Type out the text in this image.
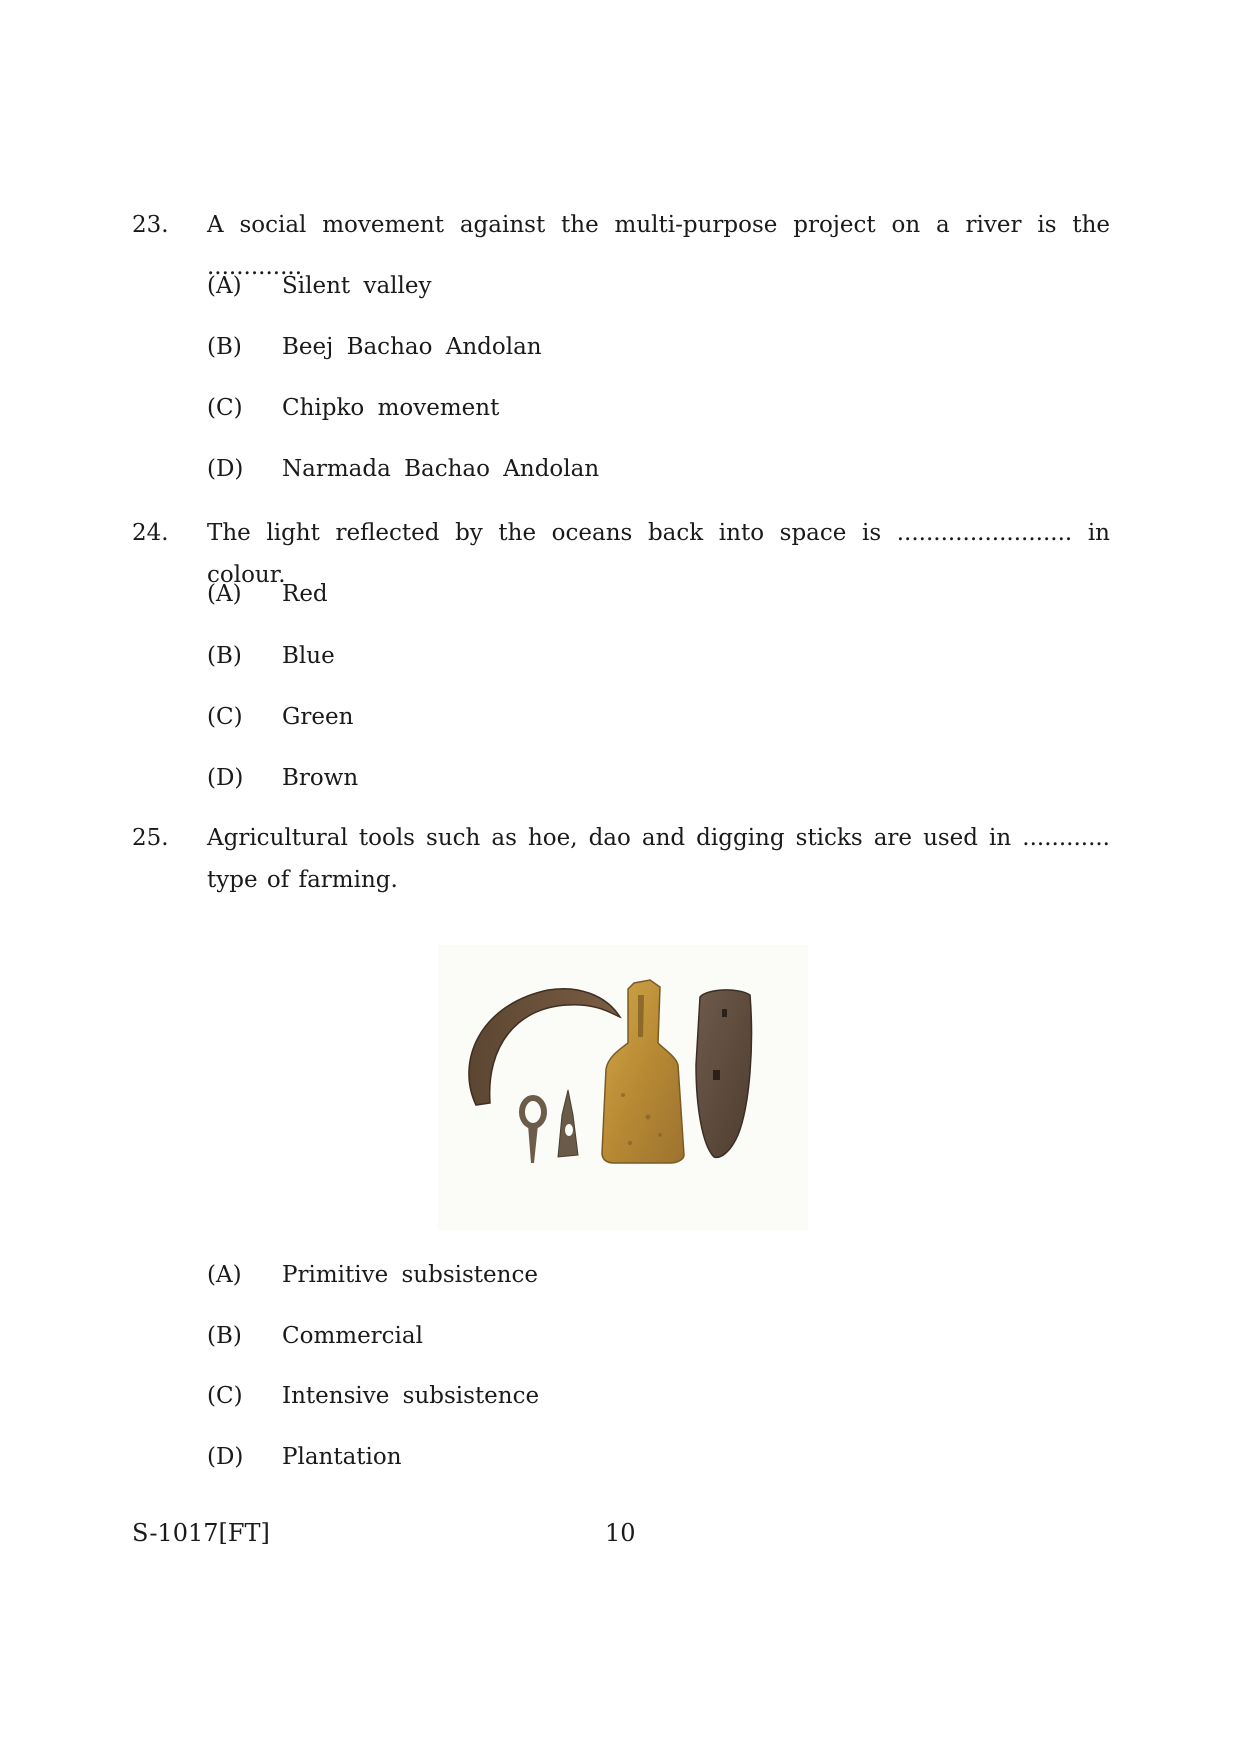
23. A social movement against the multi-purpose project on a river is the .............
(A) Silent valley
(B) Beej Bachao Andolan
(C) Chipko movement
(D) Narmada Bachao Andolan
24. The light reflected by the oceans back into space is ........................ in colour.
(A) Red
(B) Blue
(C) Green
(D) Brown
25. Agricultural tools such as hoe, dao and digging sticks are used in ............
type of farming.
(A) Primitive subsistence
(B) Commercial
(C) Intensive subsistence
(D) Plantation
S-1017[FT]	10
